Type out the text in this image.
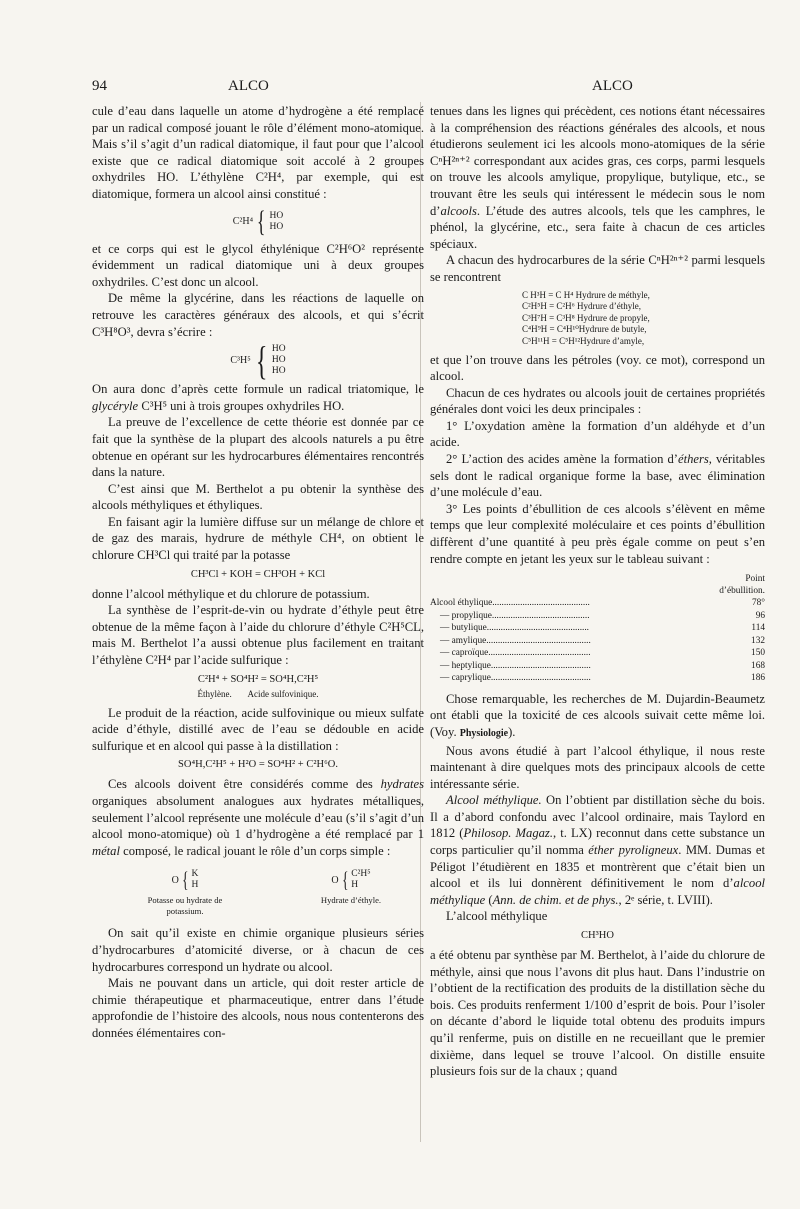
94	ALCO	ALCO

cule d’eau dans laquelle un atome d’hydrogène a été remplacé par un radical composé jouant le rôle d’élément mono-atomique. Mais s’il s’agit d’un radical diatomique, il faut pour que l’alcool existe que ce radical diatomique soit accolé à 2 groupes oxhydriles HO. L’éthylène C²H⁴, par exemple, qui est diatomique, formera un alcool ainsi constitué :

C²H⁴ { HO
HO

et ce corps qui est le glycol éthylénique C²H⁶O² représente évidemment un radical diatomique uni à deux groupes oxhydriles. C’est donc un alcool.

De même la glycérine, dans les réactions de laquelle on retrouve les caractères généraux des alcools, et qui s’écrit C³H⁸O³, devra s’écrire :

C³H⁵ { HO
HO
HO

On aura donc d’après cette formule un radical triatomique, le glycéryle C³H⁵ uni à trois groupes oxhydriles HO.

La preuve de l’excellence de cette théorie est donnée par ce fait que la synthèse de la plupart des alcools naturels a pu être obtenue en opérant sur les hydrocarbures élémentaires rencontrés dans la nature.

C’est ainsi que M. Berthelot a pu obtenir la synthèse des alcools méthyliques et éthyliques.

En faisant agir la lumière diffuse sur un mélange de chlore et de gaz des marais, hydrure de méthyle CH⁴, on obtient le chlorure CH³Cl qui traité par la potasse

CH³Cl + KOH = CH³OH + KCl

donne l’alcool méthylique et du chlorure de potassium.

La synthèse de l’esprit-de-vin ou hydrate d’éthyle peut être obtenue de la même façon à l’aide du chlorure d’éthyle C²H⁵CL, mais M. Berthelot l’a aussi obtenue plus facilement en traitant l’éthylène C²H⁴ par l’acide sulfurique :

C²H⁴ + SO⁴H² = SO⁴H,C²H⁵
Éthylène. Acide sulfovinique.

Le produit de la réaction, acide sulfovinique ou mieux sulfate acide d’éthyle, distillé avec de l’eau se dédouble en acide sulfurique et en alcool qui passe à la distillation :

SO⁴H,C²H⁵ + H²O = SO⁴H² + C²H⁶O.

Ces alcools doivent être considérés comme des hydrates organiques absolument analogues aux hydrates métalliques, seulement l’alcool représente une molécule d’eau (s’il s’agit d’un alcool mono-atomique) où 1 d’hydrogène a été remplacé par 1 métal composé, le radical jouant le rôle d’un corps simple :

O { K
H
Potasse ou hydrate de potassium.
O { C²H⁵
H
Hydrate d’éthyle.

On sait qu’il existe en chimie organique plusieurs séries d’hydrocarbures d’atomicité diverse, or à chacun de ces hydrocarbures correspond un hydrate ou alcool.

Mais ne pouvant dans un article, qui doit rester article de chimie thérapeutique et pharmaceutique, entrer dans l’étude approfondie de l’histoire des alcools, nous nous contenterons des données élémentaires con-

tenues dans les lignes qui précèdent, ces notions étant nécessaires à la compréhension des réactions générales des alcools, et nous étudierons seulement ici les alcools mono-atomiques de la série CⁿH²ⁿ⁺² correspondant aux acides gras, ces corps, parmi lesquels on trouve les alcools amylique, propylique, butylique, etc., se trouvant être les seuls qui intéressent le médecin sous le nom d’alcools. L’étude des autres alcools, tels que les camphres, le phénol, la glycérine, etc., sera faite à chacun de ces articles spéciaux.

A chacun des hydrocarbures de la série CⁿH²ⁿ⁺² parmi lesquels se rencontrent

C H³H = C H⁴ Hydrure de méthyle,
C²H⁵H = C²H⁶ Hydrure d’éthyle,
C³H⁷H = C³H⁸ Hydrure de propyle,
C⁴H⁹H = C⁴H¹⁰Hydrure de butyle,
C⁵H¹¹H = C⁵H¹²Hydrure d’amyle,

et que l’on trouve dans les pétroles (voy. ce mot), correspond un alcool.

Chacun de ces hydrates ou alcools jouit de certaines propriétés générales dont voici les deux principales :

1° L’oxydation amène la formation d’un aldéhyde et d’un acide.

2° L’action des acides amène la formation d’éthers, véritables sels dont le radical organique forme la base, avec élimination d’une molécule d’eau.

3° Les points d’ébullition de ces alcools s’élèvent en même temps que leur complexité moléculaire et ces points d’ébullition diffèrent d’une quantité à peu près égale comme on peut s’en rendre compte en jetant les yeux sur le tableau suivant :

Point
d’ébullition.
Alcool éthylique..........................................	78°
— propylique..........................................	96
— butylique............................................	114
— amylique.............................................	132
— caproïque............................................	150
— heptylique...........................................	168
— caprylique...........................................	186

Chose remarquable, les recherches de M. Dujardin-Beaumetz ont établi que la toxicité de ces alcools suivait cette même loi. (Voy. Physiologie).

Nous avons étudié à part l’alcool éthylique, il nous reste maintenant à dire quelques mots des principaux alcools de cette intéressante série.

Alcool méthylique. On l’obtient par distillation sèche du bois. Il a d’abord confondu avec l’alcool ordinaire, mais Taylord en 1812 (Philosop. Magaz., t. LX) reconnut dans cette substance un corps particulier qu’il nomma éther pyroligneux. MM. Dumas et Péligot l’étudièrent en 1835 et montrèrent que c’était bien un alcool et ils lui donnèrent définitivement le nom d’alcool méthylique (Ann. de chim. et de phys., 2ᵉ série, t. LVIII).

L’alcool méthylique

CH³HO

a été obtenu par synthèse par M. Berthelot, à l’aide du chlorure de méthyle, ainsi que nous l’avons dit plus haut. Dans l’industrie on l’obtient de la rectification des produits de la distillation sèche du bois. Ces produits renferment 1/100 d’esprit de bois. Pour l’isoler on décante d’abord le liquide total obtenu des produits impurs qu’il renferme, puis on distille en ne recueillant que le premier dixième, dans lequel se trouve l’alcool. On distille ensuite plusieurs fois sur de la chaux ; quand
